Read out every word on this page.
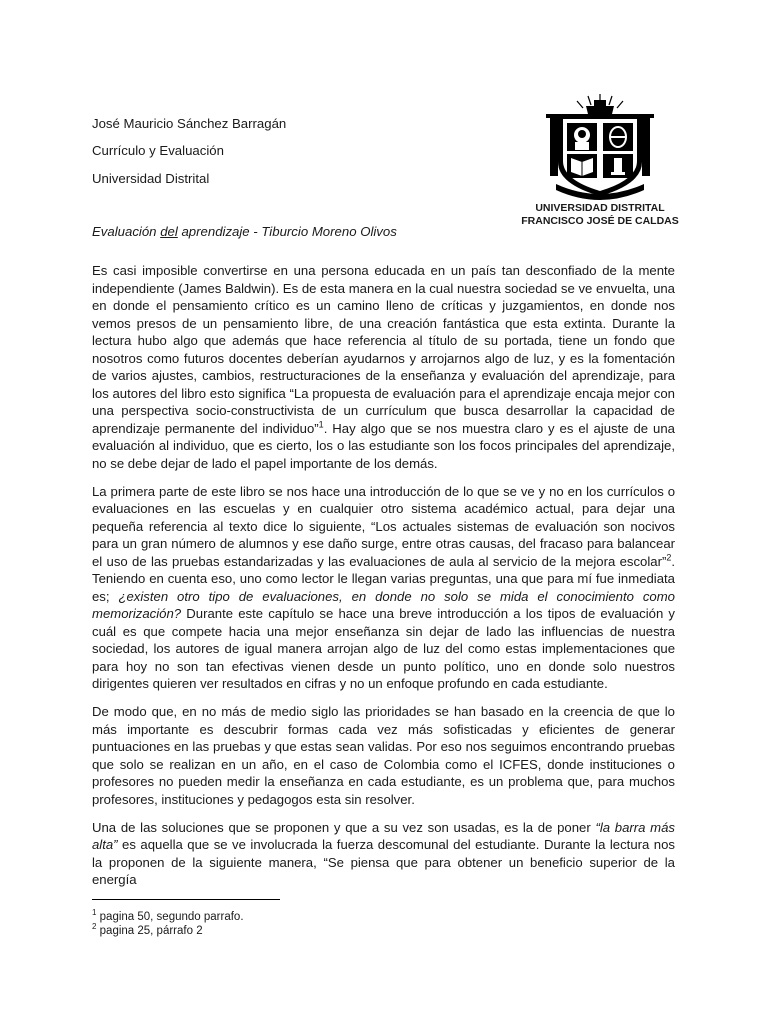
José Mauricio Sánchez Barragán
Currículo y Evaluación
Universidad Distrital
Evaluación del aprendizaje - Tiburcio Moreno Olivos
UNIVERSIDAD DISTRITAL
FRANCISCO JOSÉ DE CALDAS

Es casi imposible convertirse en una persona educada en un país tan desconfiado de la mente independiente (James Baldwin). Es de esta manera en la cual nuestra sociedad se ve envuelta, una en donde el pensamiento crítico es un camino lleno de críticas y juzgamientos, en donde nos vemos presos de un pensamiento libre, de una creación fantástica que esta extinta. Durante la lectura hubo algo que además que hace referencia al título de su portada, tiene un fondo que nosotros como futuros docentes deberían ayudarnos y arrojarnos algo de luz, y es la fomentación de varios ajustes, cambios, restructuraciones de la enseñanza y evaluación del aprendizaje, para los autores del libro esto significa “La propuesta de evaluación para el aprendizaje encaja mejor con una perspectiva socio-constructivista de un currículum que busca desarrollar la capacidad de aprendizaje permanente del individuo”$^1$. Hay algo que se nos muestra claro y es el ajuste de una evaluación al individuo, que es cierto, los o las estudiante son los focos principales del aprendizaje, no se debe dejar de lado el papel importante de los demás.

La primera parte de este libro se nos hace una introducción de lo que se ve y no en los currículos o evaluaciones en las escuelas y en cualquier otro sistema académico actual, para dejar una pequeña referencia al texto dice lo siguiente, “Los actuales sistemas de evaluación son nocivos para un gran número de alumnos y ese daño surge, entre otras causas, del fracaso para balancear el uso de las pruebas estandarizadas y las evaluaciones de aula al servicio de la mejora escolar”$^2$. Teniendo en cuenta eso, uno como lector le llegan varias preguntas, una que para mí fue inmediata es; ¿existen otro tipo de evaluaciones, en donde no solo se mida el conocimiento como memorización? Durante este capítulo se hace una breve introducción a los tipos de evaluación y cuál es que compete hacia una mejor enseñanza sin dejar de lado las influencias de nuestra sociedad, los autores de igual manera arrojan algo de luz del como estas implementaciones que para hoy no son tan efectivas vienen desde un punto político, uno en donde solo nuestros dirigentes quieren ver resultados en cifras y no un enfoque profundo en cada estudiante.

De modo que, en no más de medio siglo las prioridades se han basado en la creencia de que lo más importante es descubrir formas cada vez más sofisticadas y eficientes de generar puntuaciones en las pruebas y que estas sean validas. Por eso nos seguimos encontrando pruebas que solo se realizan en un año, en el caso de Colombia como el ICFES, donde instituciones o profesores no pueden medir la enseñanza en cada estudiante, es un problema que, para muchos profesores, instituciones y pedagogos esta sin resolver.

Una de las soluciones que se proponen y que a su vez son usadas, es la de poner “la barra más alta” es aquella que se ve involucrada la fuerza descomunal del estudiante. Durante la lectura nos la proponen de la siguiente manera, “Se piensa que para obtener un beneficio superior de la energía

$^1$ pagina 50, segundo parrafo.
$^2$ pagina 25, párrafo 2
